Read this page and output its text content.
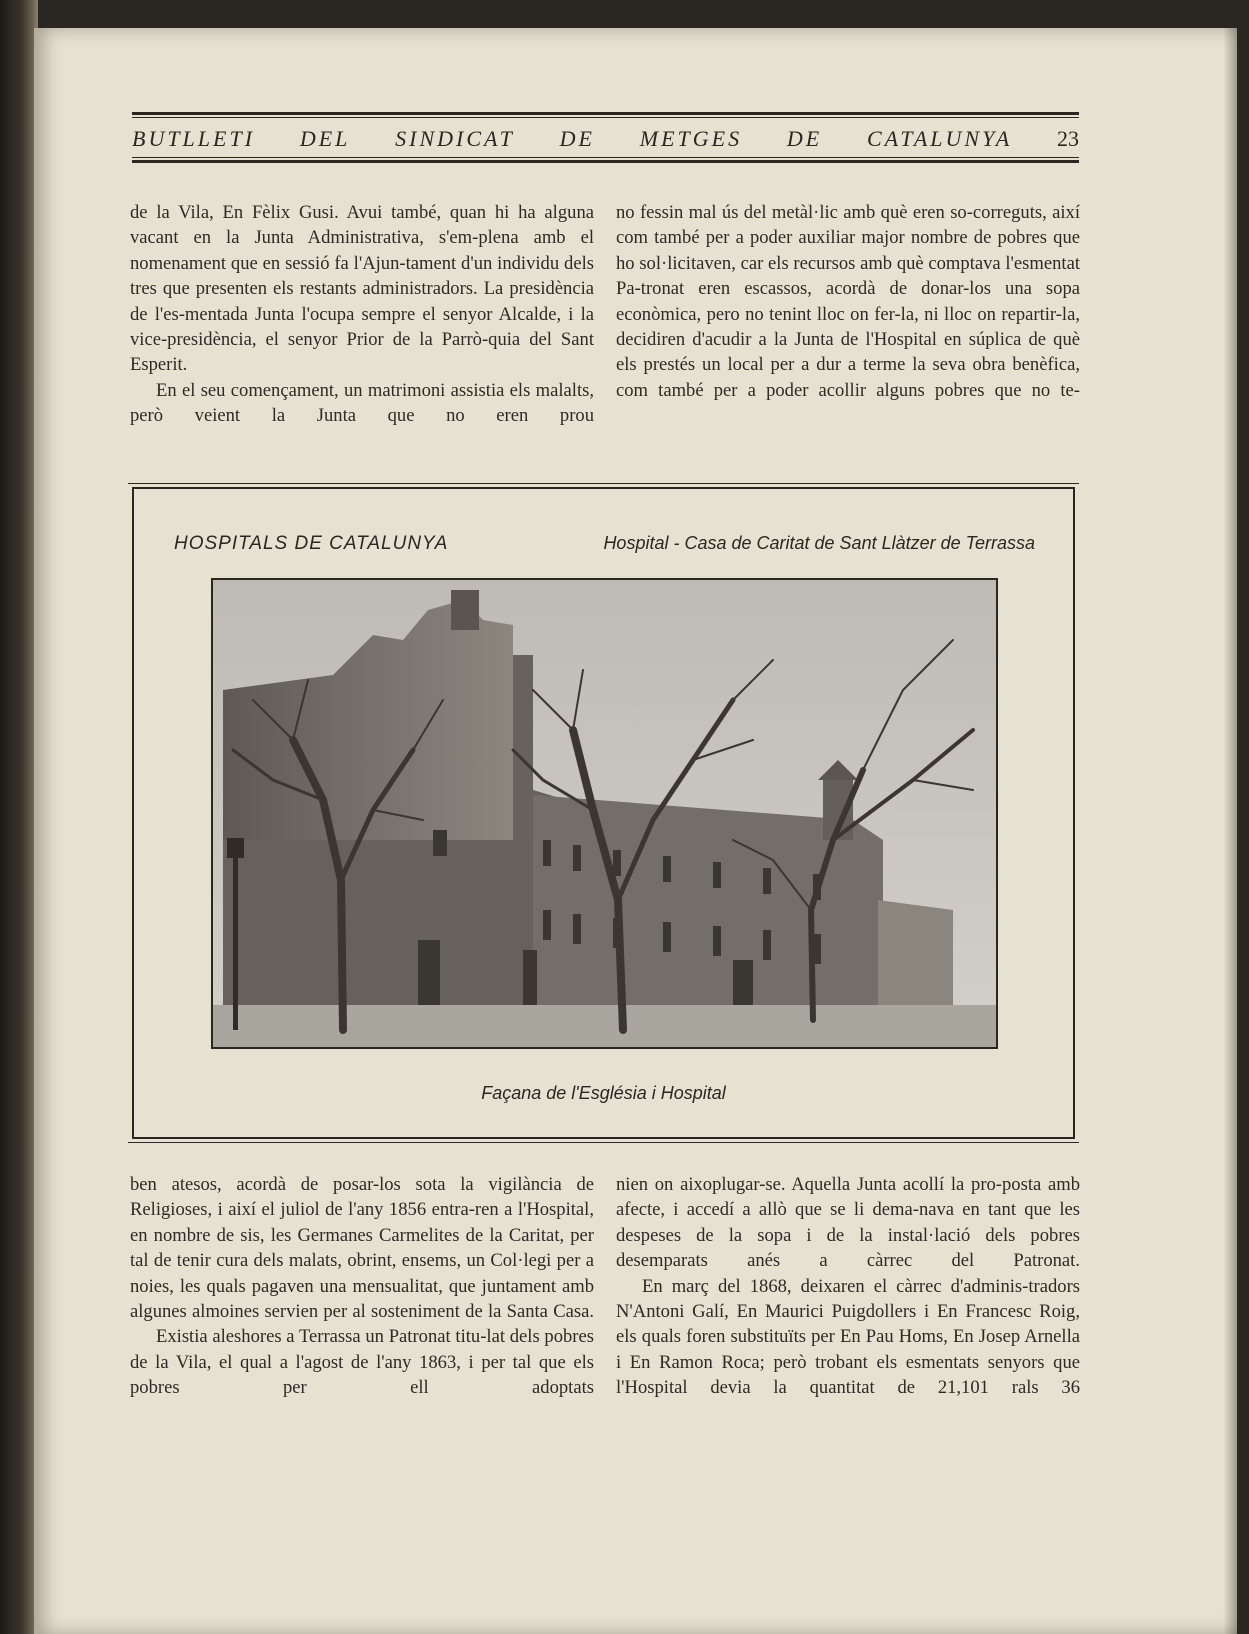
BUTLLETI DEL SINDICAT DE METGES DE CATALUNYA 23

de la Vila, En Fèlix Gusi. Avui també, quan hi ha alguna vacant en la Junta Administrativa, s'em-plena amb el nomenament que en sessió fa l'Ajun-tament d'un individu dels tres que presenten els restants administradors. La presidència de l'es-mentada Junta l'ocupa sempre el senyor Alcalde, i la vice-presidència, el senyor Prior de la Parrò-quia del Sant Esperit.

En el seu començament, un matrimoni assistia els malalts, però veient la Junta que no eren prou

no fessin mal ús del metàl·lic amb què eren so-correguts, així com també per a poder auxiliar major nombre de pobres que ho sol·licitaven, car els recursos amb què comptava l'esmentat Pa-tronat eren escassos, acordà de donar-los una sopa econòmica, pero no tenint lloc on fer-la, ni lloc on repartir-la, decidiren d'acudir a la Junta de l'Hospital en súplica de què els prestés un local per a dur a terme la seva obra benèfica, com també per a poder acollir alguns pobres que no te-

HOSPITALS DE CATALUNYA	Hospital - Casa de Caritat de Sant Llàtzer de Terrassa
Façana de l'Església i Hospital

ben atesos, acordà de posar-los sota la vigilància de Religioses, i així el juliol de l'any 1856 entra-ren a l'Hospital, en nombre de sis, les Germanes Carmelites de la Caritat, per tal de tenir cura dels malats, obrint, ensems, un Col·legi per a noies, les quals pagaven una mensualitat, que juntament amb algunes almoines servien per al sosteniment de la Santa Casa.

Existia aleshores a Terrassa un Patronat titu-lat dels pobres de la Vila, el qual a l'agost de l'any 1863, i per tal que els pobres per ell adoptats

nien on aixoplugar-se. Aquella Junta acollí la pro-posta amb afecte, i accedí a allò que se li dema-nava en tant que les despeses de la sopa i de la instal·lació dels pobres desemparats anés a càrrec del Patronat.

En març del 1868, deixaren el càrrec d'adminis-tradors N'Antoni Galí, En Maurici Puigdollers i En Francesc Roig, els quals foren substituïts per En Pau Homs, En Josep Arnella i En Ramon Roca; però trobant els esmentats senyors que l'Hospital devia la quantitat de 21,101 rals 36
